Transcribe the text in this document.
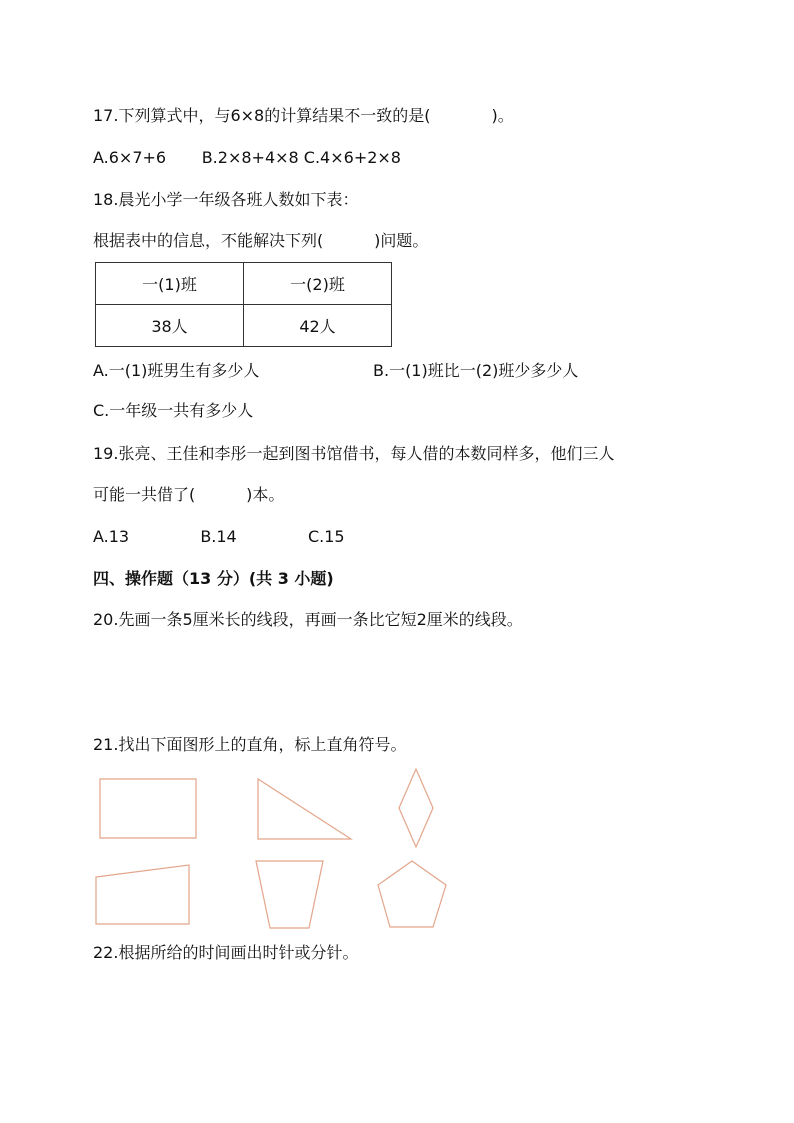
17.下列算式中，与6×8的计算结果不一致的是(            )。
A.6×7+6       B.2×8+4×8 C.4×6+2×8
18.晨光小学一年级各班人数如下表：
根据表中的信息，不能解决下列(          )问题。
一(1)班	一(2)班
38人	42人
A.一(1)班男生有多少人	B.一(1)班比一(2)班少多少人
C.一年级一共有多少人
19.张亮、王佳和李彤一起到图书馆借书，每人借的本数同样多，他们三人
可能一共借了(          )本。
A.13              B.14              C.15
四、操作题（13 分）(共 3 小题)
20.先画一条5厘米长的线段，再画一条比它短2厘米的线段。
21.找出下面图形上的直角，标上直角符号。
22.根据所给的时间画出时针或分针。
